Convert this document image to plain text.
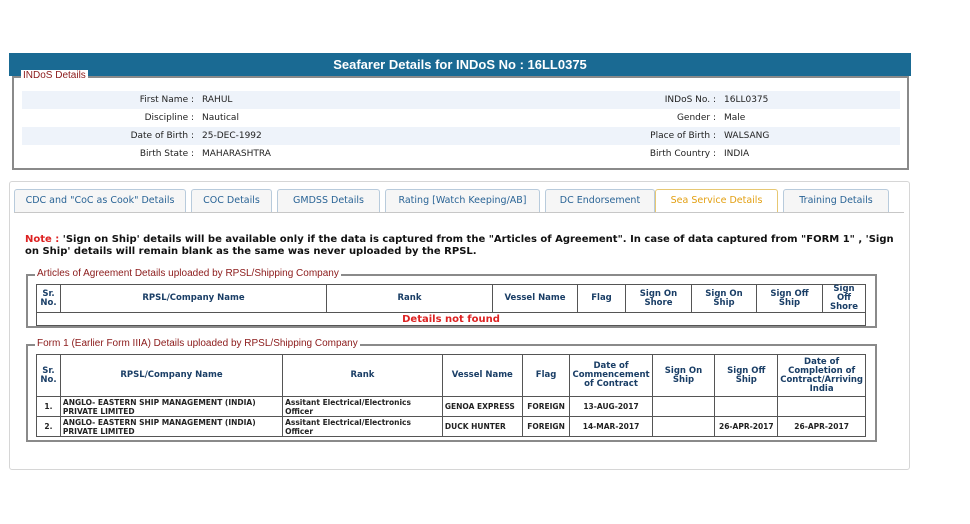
Seafarer Details for INDoS No : 16LL0375
INDoS Details
First Name :	RAHUL	INDoS No. :	16LL0375
Discipline :	Nautical	Gender :	Male
Date of Birth :	25-DEC-1992	Place of Birth :	WALSANG
Birth State :	MAHARASHTRA	Birth Country :	INDIA
CDC and "CoC as Cook" Details	COC Details	GMDSS Details	Rating [Watch Keeping/AB]	DC Endorsement	Sea Service Details	Training Details
Note : 'Sign on Ship' details will be available only if the data is captured from the "Articles of Agreement". In case of data captured from "FORM 1" , 'Sign on Ship' details will remain blank as the same was never uploaded by the RPSL.
Articles of Agreement Details uploaded by RPSL/Shipping Company
Sr. No.	RPSL/Company Name	Rank	Vessel Name	Flag	Sign On Shore	Sign On Ship	Sign Off Ship	Sign Off Shore
Details not found
Form 1 (Earlier Form IIIA) Details uploaded by RPSL/Shipping Company
Sr. No.	RPSL/Company Name	Rank	Vessel Name	Flag	Date of Commencement of Contract	Sign On Ship	Sign Off Ship	Date of Completion of Contract/Arriving India
1.	ANGLO- EASTERN SHIP MANAGEMENT (INDIA) PRIVATE LIMITED	Assitant Electrical/Electronics Officer	GENOA EXPRESS	FOREIGN	13-AUG-2017			
2.	ANGLO- EASTERN SHIP MANAGEMENT (INDIA) PRIVATE LIMITED	Assitant Electrical/Electronics Officer	DUCK HUNTER	FOREIGN	14-MAR-2017		26-APR-2017	26-APR-2017
